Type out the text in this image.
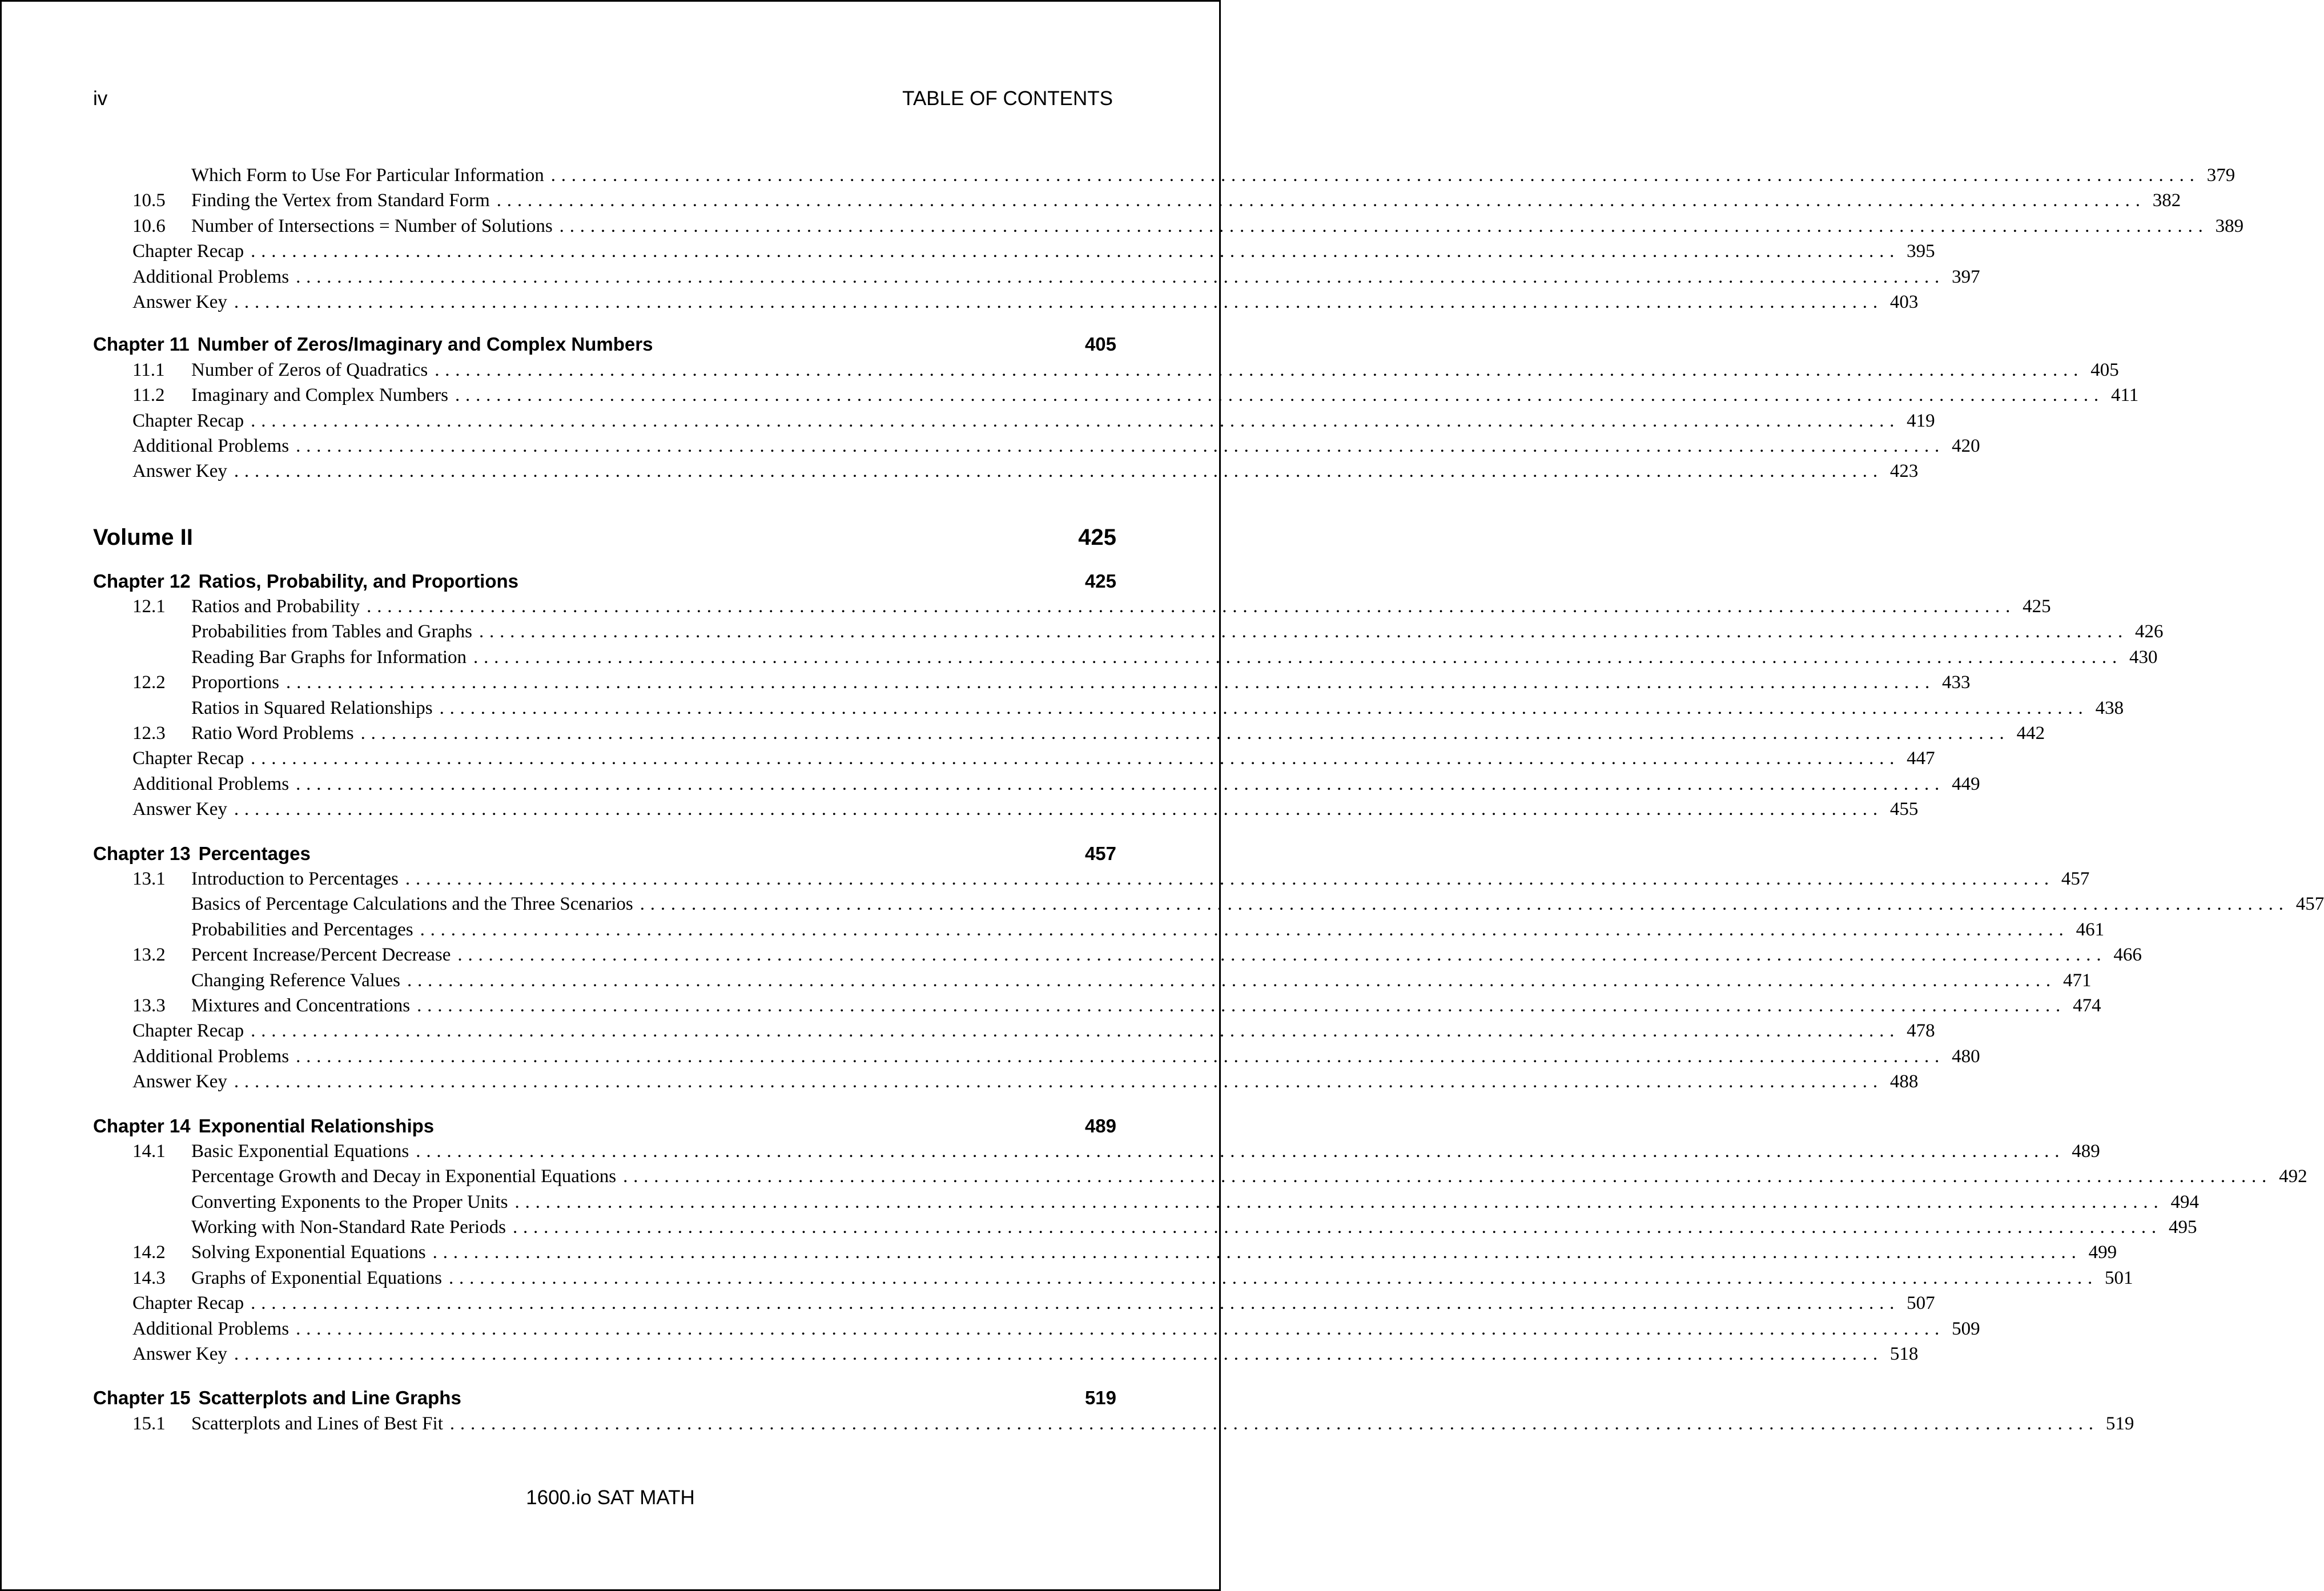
iv	TABLE OF CONTENTS
Which Form to Use For Particular Information ................................................................................................................................................................ 379
10.5	Finding the Vertex from Standard Form ................................................................................................................................................................ 382
10.6	Number of Intersections = Number of Solutions ................................................................................................................................................................ 389
Chapter Recap ................................................................................................................................................................ 395
Additional Problems ................................................................................................................................................................ 397
Answer Key ................................................................................................................................................................ 403
Chapter 11 Number of Zeros/Imaginary and Complex Numbers	405
11.1	Number of Zeros of Quadratics ................................................................................................................................................................ 405
11.2	Imaginary and Complex Numbers ................................................................................................................................................................ 411
Chapter Recap ................................................................................................................................................................ 419
Additional Problems ................................................................................................................................................................ 420
Answer Key ................................................................................................................................................................ 423
Volume II	425
Chapter 12 Ratios, Probability, and Proportions	425
12.1	Ratios and Probability ................................................................................................................................................................ 425
Probabilities from Tables and Graphs ................................................................................................................................................................ 426
Reading Bar Graphs for Information ................................................................................................................................................................ 430
12.2	Proportions ................................................................................................................................................................ 433
Ratios in Squared Relationships ................................................................................................................................................................ 438
12.3	Ratio Word Problems ................................................................................................................................................................ 442
Chapter Recap ................................................................................................................................................................ 447
Additional Problems ................................................................................................................................................................ 449
Answer Key ................................................................................................................................................................ 455
Chapter 13 Percentages	457
13.1	Introduction to Percentages ................................................................................................................................................................ 457
Basics of Percentage Calculations and the Three Scenarios ................................................................................................................................................................ 457
Probabilities and Percentages ................................................................................................................................................................ 461
13.2	Percent Increase/Percent Decrease ................................................................................................................................................................ 466
Changing Reference Values ................................................................................................................................................................ 471
13.3	Mixtures and Concentrations ................................................................................................................................................................ 474
Chapter Recap ................................................................................................................................................................ 478
Additional Problems ................................................................................................................................................................ 480
Answer Key ................................................................................................................................................................ 488
Chapter 14 Exponential Relationships	489
14.1	Basic Exponential Equations ................................................................................................................................................................ 489
Percentage Growth and Decay in Exponential Equations ................................................................................................................................................................ 492
Converting Exponents to the Proper Units ................................................................................................................................................................ 494
Working with Non-Standard Rate Periods ................................................................................................................................................................ 495
14.2	Solving Exponential Equations ................................................................................................................................................................ 499
14.3	Graphs of Exponential Equations ................................................................................................................................................................ 501
Chapter Recap ................................................................................................................................................................ 507
Additional Problems ................................................................................................................................................................ 509
Answer Key ................................................................................................................................................................ 518
Chapter 15 Scatterplots and Line Graphs	519
15.1	Scatterplots and Lines of Best Fit ................................................................................................................................................................ 519
1600.io SAT MATH
